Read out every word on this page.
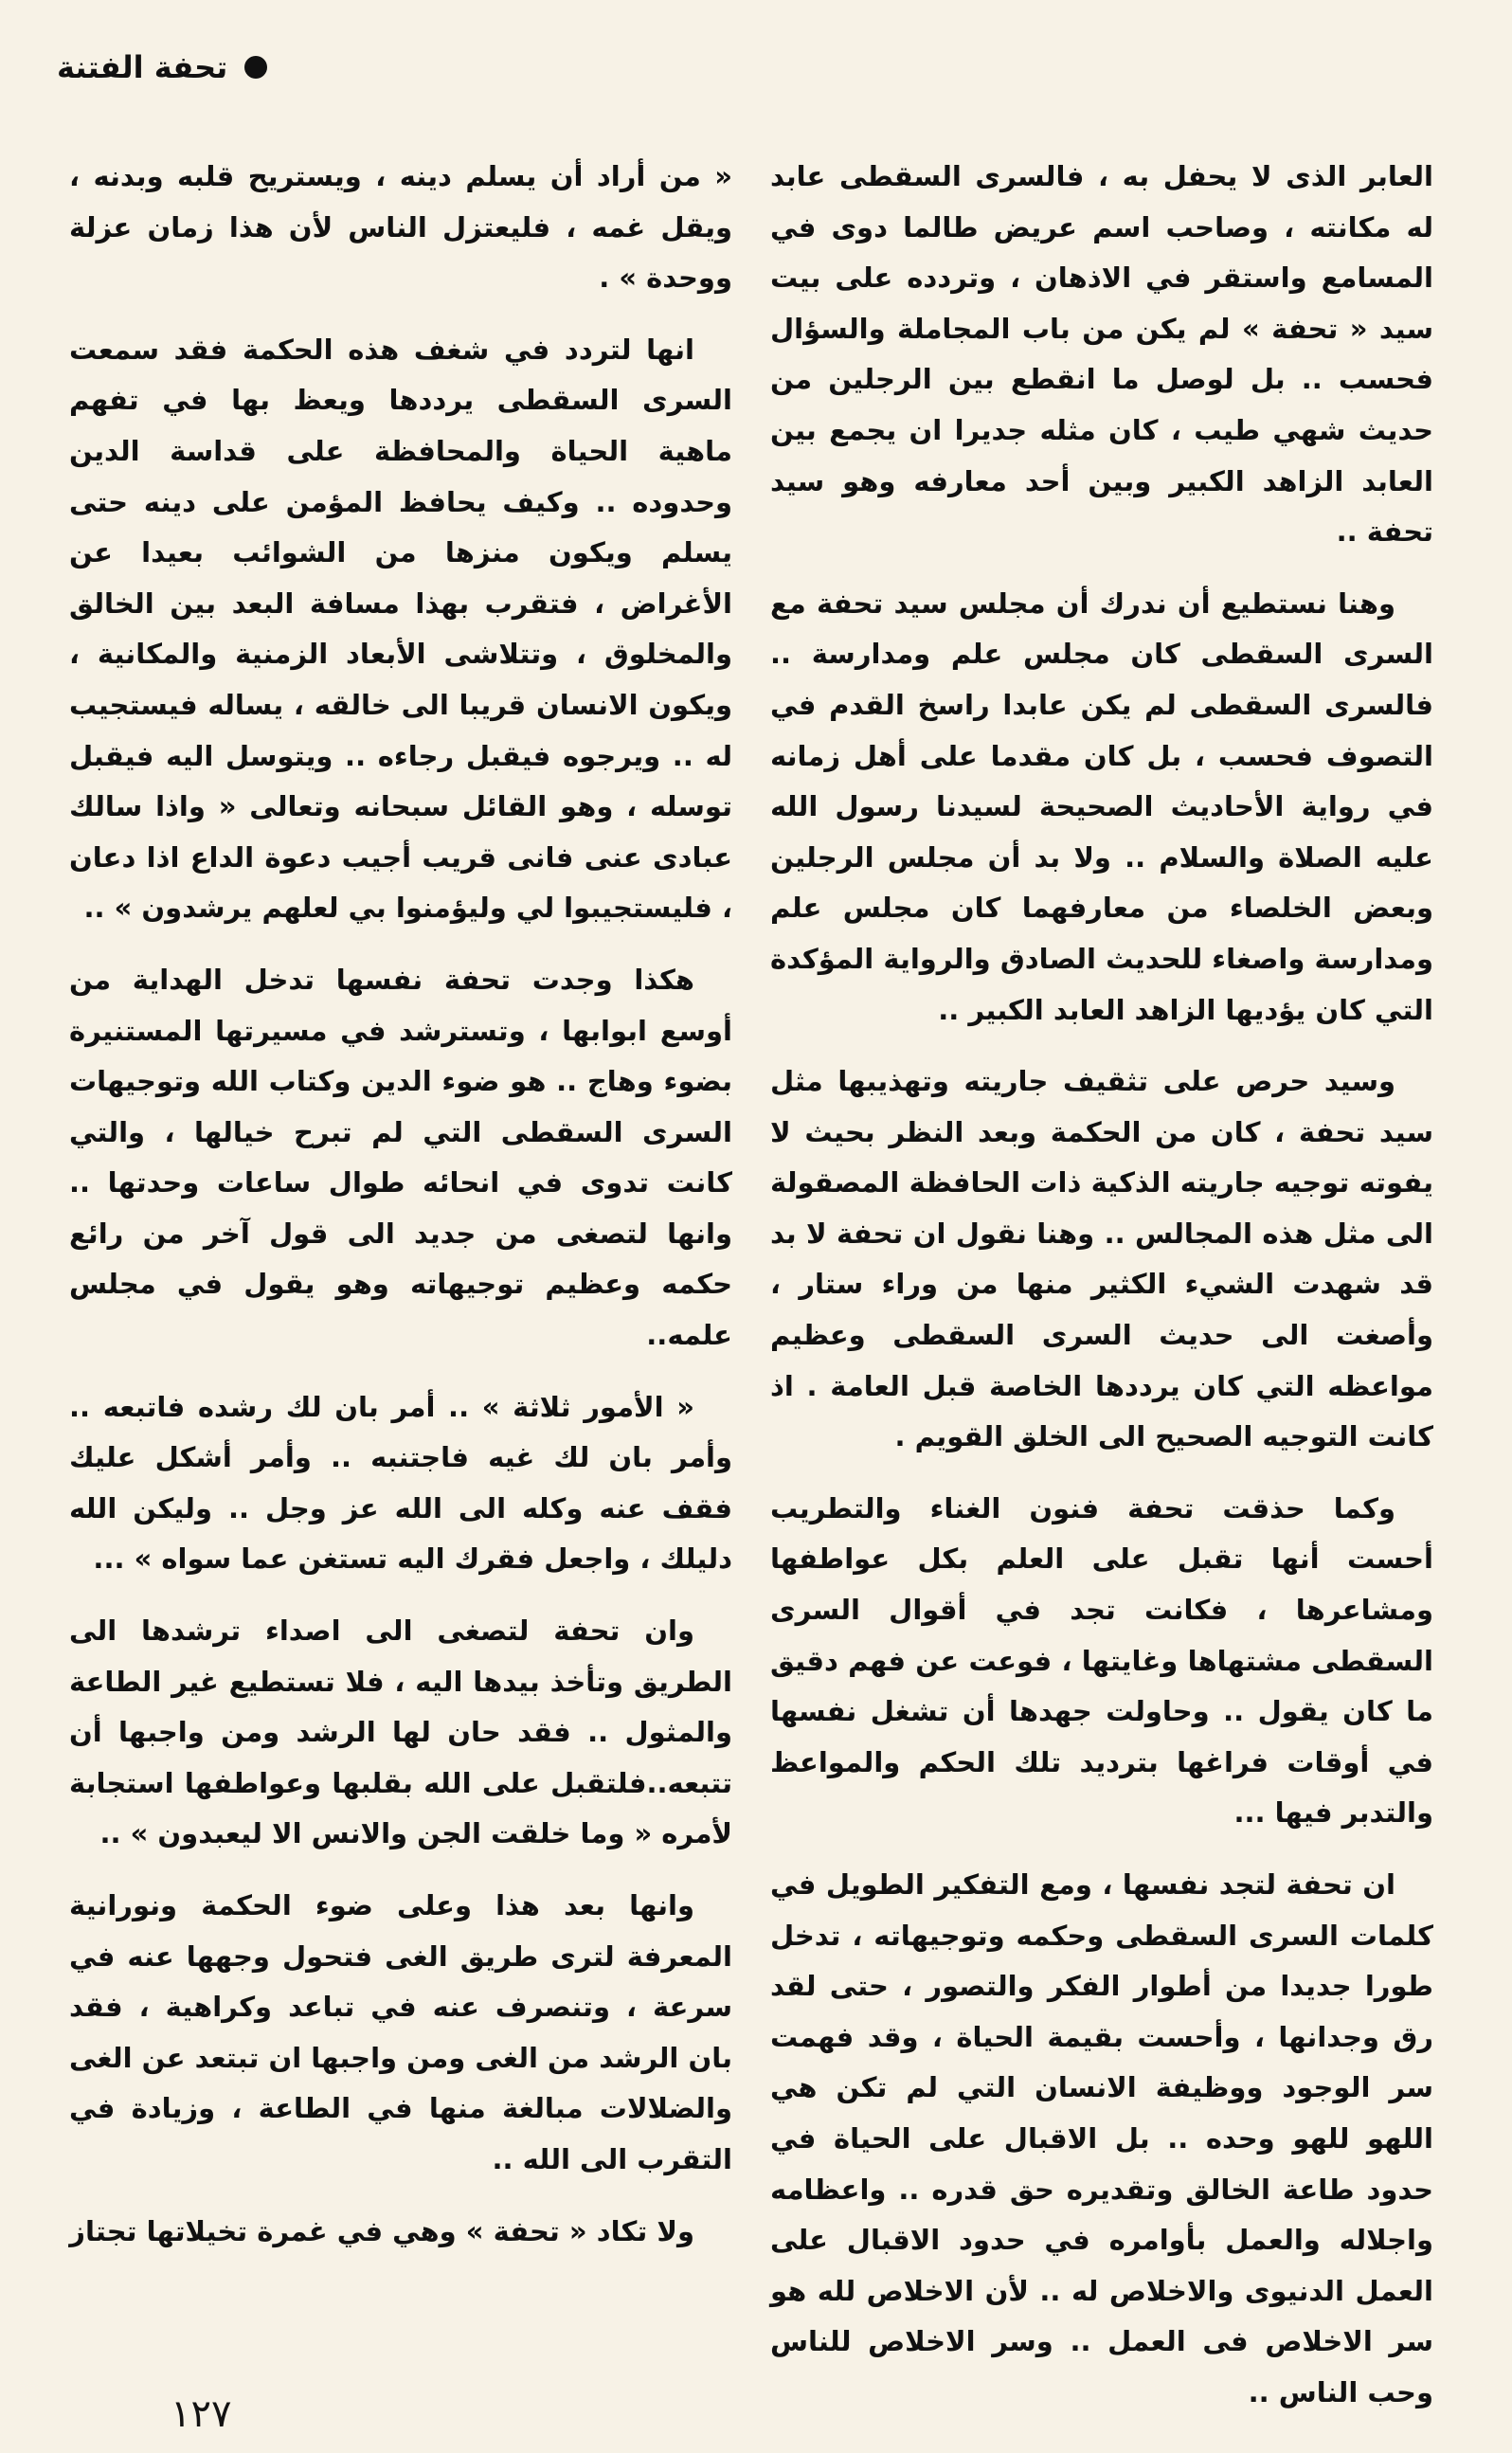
تحفة الفتنة

العابر الذى لا يحفل به ، فالسرى السقطى عابد له مكانته ، وصاحب اسم عريض طالما دوى في المسامع واستقر في الاذهان ، وتردده على بيت سيد « تحفة » لم يكن من باب المجاملة والسؤال فحسب .. بل لوصل ما انقطع بين الرجلين من حديث شهي طيب ، كان مثله جديرا ان يجمع بين العابد الزاهد الكبير وبين أحد معارفه وهو سيد تحفة ..

وهنا نستطيع أن ندرك أن مجلس سيد تحفة مع السرى السقطى كان مجلس علم ومدارسة .. فالسرى السقطى لم يكن عابدا راسخ القدم في التصوف فحسب ، بل كان مقدما على أهل زمانه في رواية الأحاديث الصحيحة لسيدنا رسول الله عليه الصلاة والسلام .. ولا بد أن مجلس الرجلين وبعض الخلصاء من معارفهما كان مجلس علم ومدارسة واصغاء للحديث الصادق والرواية المؤكدة التي كان يؤديها الزاهد العابد الكبير ..

وسيد حرص على تثقيف جاريته وتهذيبها مثل سيد تحفة ، كان من الحكمة وبعد النظر بحيث لا يفوته توجيه جاريته الذكية ذات الحافظة المصقولة الى مثل هذه المجالس .. وهنا نقول ان تحفة لا بد قد شهدت الشيء الكثير منها من وراء ستار ، وأصغت الى حديث السرى السقطى وعظيم مواعظه التي كان يرددها الخاصة قبل العامة . اذ كانت التوجيه الصحيح الى الخلق القويم .

وكما حذقت تحفة فنون الغناء والتطريب أحست أنها تقبل على العلم بكل عواطفها ومشاعرها ، فكانت تجد في أقوال السرى السقطى مشتهاها وغايتها ، فوعت عن فهم دقيق ما كان يقول .. وحاولت جهدها أن تشغل نفسها في أوقات فراغها بترديد تلك الحكم والمواعظ والتدبر فيها ...

ان تحفة لتجد نفسها ، ومع التفكير الطويل في كلمات السرى السقطى وحكمه وتوجيهاته ، تدخل طورا جديدا من أطوار الفكر والتصور ، حتى لقد رق وجدانها ، وأحست بقيمة الحياة ، وقد فهمت سر الوجود ووظيفة الانسان التي لم تكن هي اللهو للهو وحده .. بل الاقبال على الحياة في حدود طاعة الخالق وتقديره حق قدره .. واعظامه واجلاله والعمل بأوامره في حدود الاقبال على العمل الدنيوى والاخلاص له .. لأن الاخلاص لله هو سر الاخلاص فى العمل .. وسر الاخلاص للناس وحب الناس ..

« من أراد أن يسلم دينه ، ويستريح قلبه وبدنه ، ويقل غمه ، فليعتزل الناس لأن هذا زمان عزلة ووحدة » .

انها لتردد في شغف هذه الحكمة فقد سمعت السرى السقطى يرددها ويعظ بها في تفهم ماهية الحياة والمحافظة على قداسة الدين وحدوده .. وكيف يحافظ المؤمن على دينه حتى يسلم ويكون منزها من الشوائب بعيدا عن الأغراض ، فتقرب بهذا مسافة البعد بين الخالق والمخلوق ، وتتلاشى الأبعاد الزمنية والمكانية ، ويكون الانسان قريبا الى خالقه ، يساله فيستجيب له .. ويرجوه فيقبل رجاءه .. ويتوسل اليه فيقبل توسله ، وهو القائل سبحانه وتعالى « واذا سالك عبادى عنى فانى قريب أجيب دعوة الداع اذا دعان ، فليستجيبوا لي وليؤمنوا بي لعلهم يرشدون » ..

هكذا وجدت تحفة نفسها تدخل الهداية من أوسع ابوابها ، وتسترشد في مسيرتها المستنيرة بضوء وهاج .. هو ضوء الدين وكتاب الله وتوجيهات السرى السقطى التي لم تبرح خيالها ، والتي كانت تدوى في انحائه طوال ساعات وحدتها .. وانها لتصغى من جديد الى قول آخر من رائع حكمه وعظيم توجيهاته وهو يقول في مجلس علمه..

« الأمور ثلاثة » .. أمر بان لك رشده فاتبعه .. وأمر بان لك غيه فاجتنبه .. وأمر أشكل عليك فقف عنه وكله الى الله عز وجل .. وليكن الله دليلك ، واجعل فقرك اليه تستغن عما سواه » ...

وان تحفة لتصغى الى اصداء ترشدها الى الطريق وتأخذ بيدها اليه ، فلا تستطيع غير الطاعة والمثول .. فقد حان لها الرشد ومن واجبها أن تتبعه..فلتقبل على الله بقلبها وعواطفها استجابة لأمره « وما خلقت الجن والانس الا ليعبدون » ..

وانها بعد هذا وعلى ضوء الحكمة ونورانية المعرفة لترى طريق الغى فتحول وجهها عنه في سرعة ، وتنصرف عنه في تباعد وكراهية ، فقد بان الرشد من الغى ومن واجبها ان تبتعد عن الغى والضلالات مبالغة منها في الطاعة ، وزيادة في التقرب الى الله ..

ولا تكاد « تحفة » وهي في غمرة تخيلاتها تجتاز

١٢٧
